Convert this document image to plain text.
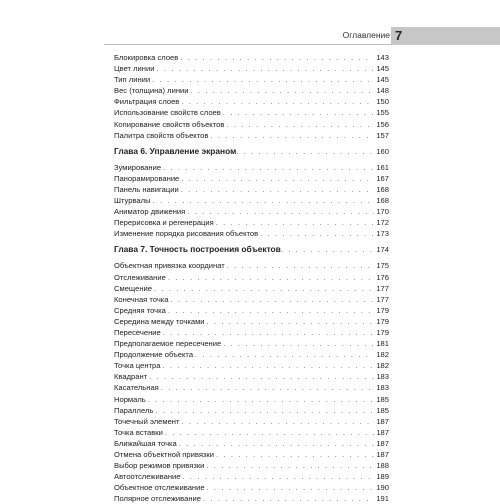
Оглавление 7
Блокировка слоев . . .	143
Цвет линии . . .	145
Тип линии . . .	145
Вес (толщина) линии . . .	148
Фильтрация слоев . . .	150
Использование свойств слоев . . .	155
Копирование свойств объектов . . .	156
Палитра свойств объектов . . .	157
Глава 6. Управление экраном . . .	160
Зумирование . . .	161
Панорамирование . . .	167
Панель навигации . . .	168
Штурвалы . . .	168
Аниматор движения . . .	170
Перерисовка и регенерация . . .	172
Изменение порядка рисования объектов . . .	173
Глава 7. Точность построения объектов . . .	174
Объектная привязка координат . . .	175
Отслеживание . . .	176
Смещение . . .	177
Конечная точка . . .	177
Средняя точка . . .	179
Середина между точками . . .	179
Пересечение . . .	179
Предполагаемое пересечение . . .	181
Продолжение объекта . . .	182
Точка центра . . .	182
Квадрант . . .	183
Касательная . . .	183
Нормаль . . .	185
Параллель . . .	185
Точечный элемент . . .	187
Точка вставки . . .	187
Ближайшая точка . . .	187
Отмена объектной привязки . . .	187
Выбор режимов привязки . . .	188
Автоотслеживание . . .	189
Объектное отслеживание . . .	190
Полярное отслеживание . . .	191
